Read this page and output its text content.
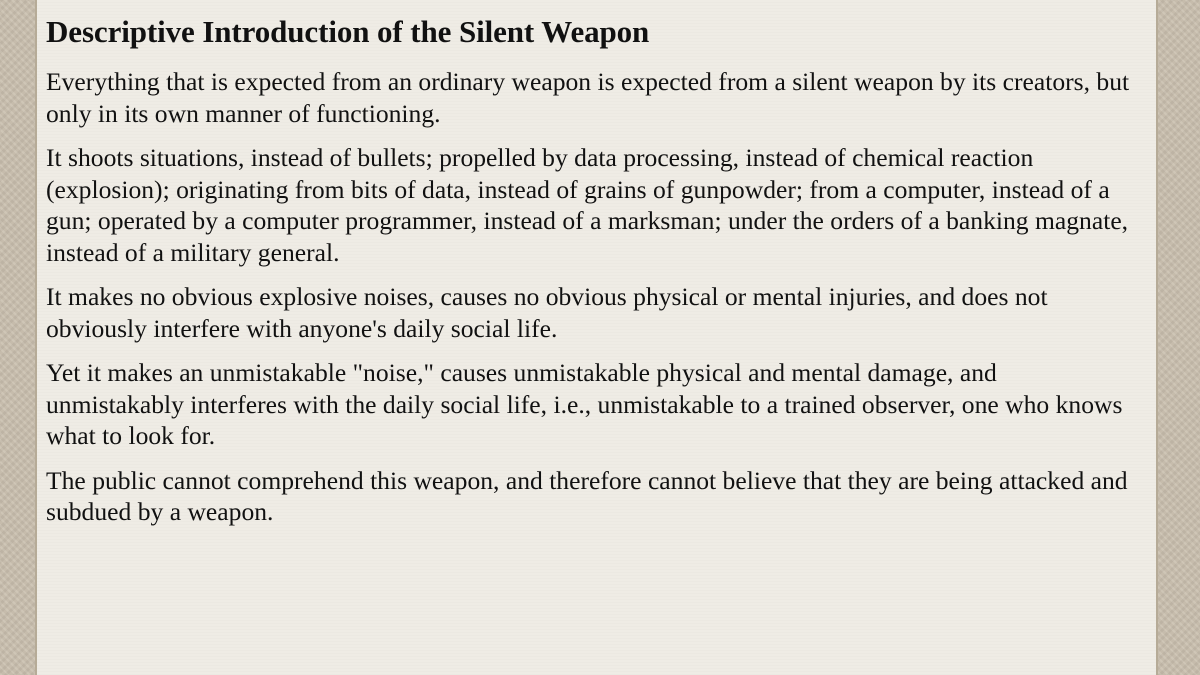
Descriptive Introduction of the Silent Weapon

Everything that is expected from an ordinary weapon is expected from a silent weapon by its creators, but only in its own manner of functioning.

It shoots situations, instead of bullets; propelled by data processing, instead of chemical reaction (explosion); originating from bits of data, instead of grains of gunpowder; from a computer, instead of a gun; operated by a computer programmer, instead of a marksman; under the orders of a banking magnate, instead of a military general.

It makes no obvious explosive noises, causes no obvious physical or mental injuries, and does not obviously interfere with anyone's daily social life.

Yet it makes an unmistakable "noise," causes unmistakable physical and mental damage, and unmistakably interferes with the daily social life, i.e., unmistakable to a trained observer, one who knows what to look for.

The public cannot comprehend this weapon, and therefore cannot believe that they are being attacked and subdued by a weapon.
